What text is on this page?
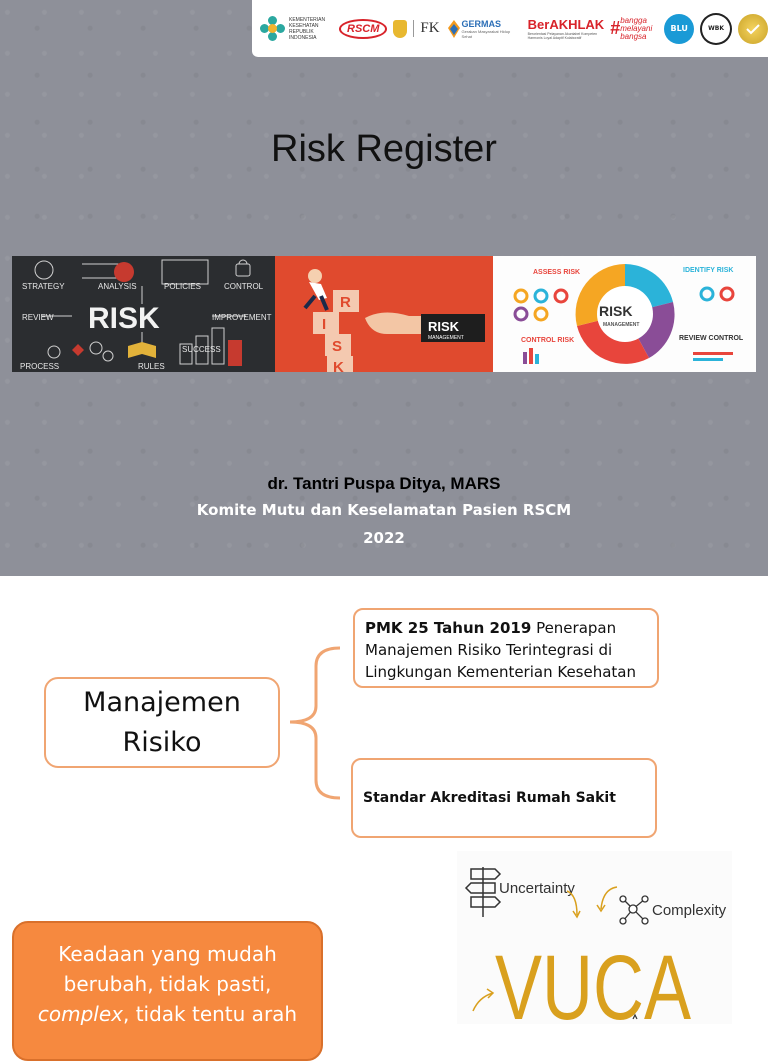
KEMENTERIAN KESEHATAN REPUBLIK INDONESIA
RSCM	FK GERMAS
Gerakan Masyarakat Hidup Sehat
BerAKHLAK
Berorientasi Pelayanan Akuntabel Kompeten Harmonis Loyal Adaptif Kolaboratif	# bangga melayani bangsa
BLU	WBK
Risk Register
STRATEGY	ANALYSIS	POLICIES	CONTROL
REVIEW RISK	IMPROVEMENT
SUCCESS
PROCESS	RULES
R
I
S
K
RISK
MANAGEMENT
RISK
MANAGEMENT
ASSESS RISK	IDENTIFY RISK
CONTROL RISK	REVIEW CONTROL
dr. Tantri Puspa Ditya, MARS
Komite Mutu dan Keselamatan Pasien RSCM
2022
Manajemen
Risiko
PMK 25 Tahun 2019 Penerapan Manajemen Risiko Terintegrasi di Lingkungan Kementerian Kesehatan
Standar Akreditasi Rumah Sakit
Keadaan yang mudah berubah, tidak pasti, complex, tidak tentu arah
Uncertainty
Complexity
VUCA
